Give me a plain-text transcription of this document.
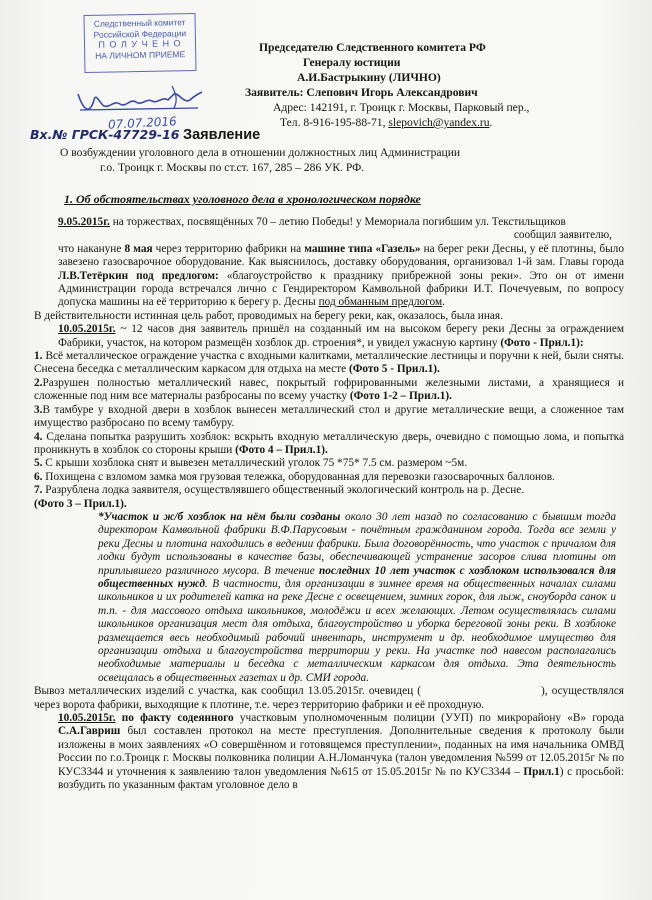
Следственный комитет
Российской Федерации
П О Л У Ч Е Н О
НА ЛИЧНОМ ПРИЕМЕ
07.07.2016
Председателю Следственного комитета РФ
Генералу юстиции
А.И.Бастрыкину (ЛИЧНО)
Заявитель: Слепович Игорь Александрович
Адрес: 142191, г. Троицк г. Москвы, Парковый пер.,
Тел. 8-916-195-88-71, slepovich@yandex.ru.
Вх.№ ГРСК-47729-16 Заявление
О возбуждении уголовного дела в отношении должностных лиц Администрации
г.о. Троицк г. Москвы по ст.ст. 167, 285 – 286 УК. РФ.
1. Об обстоятельствах уголовного дела в хронологическом порядке

9.05.2015г. на торжествах, посвящённых 70 – летию Победы! у Мемориала погибшим ул. Текстильщиков

сообщил заявителю,

что накануне 8 мая через территорию фабрики на машине типа «Газель» на берег реки Десны, у её плотины, было завезено газосварочное оборудование. Как выяснилось, доставку оборудования, организовал 1-й зам. Главы города Л.В.Тетёркин под предлогом: «благоустройство к празднику прибрежной зоны реки». Это он от имени Администрации города встречался лично с Гендиректором Камвольной фабрики И.Т. Почечуевым, по вопросу допуска машины на её территорию к берегу р. Десны под обманным предлогом.

В действительности истинная цель работ, проводимых на берегу реки, как, оказалось, была иная.

10.05.2015г. ~ 12 часов дня заявитель пришёл на созданный им на высоком берегу реки Десны за ограждением Фабрики, участок, на котором размещён хозблок др. строения*, и увидел ужасную картину (Фото - Прил.1):

1. Всё металлическое ограждение участка с входными калитками, металлические лестницы и поручни к ней, были сняты. Снесена беседка с металлическим каркасом для отдыха на месте (Фото 5 - Прил.1).

2.Разрушен полностью металлический навес, покрытый гофрированными железными листами, а хранящиеся и сложенные под ним все материалы разбросаны по всему участку (Фото 1-2 – Прил.1).

3.В тамбуре у входной двери в хозблок вынесен металлический стол и другие металлические вещи, а сложенное там имущество разбросано по всему тамбуру.

4. Сделана попытка разрушить хозблок: вскрыть входную металлическую дверь, очевидно с помощью лома, и попытка проникнуть в хозблок со стороны крыши (Фото 4 – Прил.1).

5. С крыши хозблока снят и вывезен металлический уголок 75 *75* 7.5 см. размером ~5м.

6. Похищена с взломом замка моя грузовая тележка, оборудованная для перевозки газосварочных баллонов.

7. Разрублена лодка заявителя, осуществлявшего общественный экологический контроль на р. Десне.
(Фото 3 – Прил.1).

*Участок и ж/б хозблок на нём были созданы около 30 лет назад по согласованию с бывшим тогда директором Камвольной фабрики В.Ф.Парусовым - почётным гражданином города. Тогда все земли у реки Десны и плотина находились в ведении фабрики. Была договорённость, что участок с причалом для лодки будут использованы в качестве базы, обеспечивающей устранение засоров слива плотины от приплывшего различного мусора. В течение последних 10 лет участок с хозблоком использовался для общественных нужд. В частности, для организации в зимнее время на общественных началах силами школьников и их родителей катка на реке Десне с освещением, зимних горок, для лыж, сноуборда санок и т.п. - для массового отдыха школьников, молодёжи и всех желающих. Летом осуществлялась силами школьников организация мест для отдыха, благоустройство и уборка береговой зоны реки. В хозблоке размещается весь необходимый рабочий инвентарь, инструмент и др. необходимое имущество для организации отдыха и благоустройства территории у реки. На участке под навесом располагались необходимые материалы и беседка с металлическим каркасом для отдыха. Эта деятельность освещалась в общественных газетах и др. СМИ города.

Вывоз металлических изделий с участка, как сообщил 13.05.2015г. очевидец (	), осуществлялся через ворота фабрики, выходящие к плотине, т.е. через территорию фабрики и её проходную.

10.05.2015г. по факту содеянного участковым уполномоченным полиции (УУП) по микрорайону «В» города С.А.Гавриш был составлен протокол на месте преступления. Дополнительные сведения к протоколу были изложены в моих заявлениях «О совершённом и готовящемся преступлении», поданных на имя начальника ОМВД России по г.о.Троицк г. Москвы полковника полиции А.Н.Ломанчука (талон уведомления №599 от 12.05.2015г № по КУС3344 и уточнения к заявлению талон уведомления №615 от 15.05.2015г № по КУС3344 – Прил.1) с просьбой: возбудить по указанным фактам уголовное дело в
